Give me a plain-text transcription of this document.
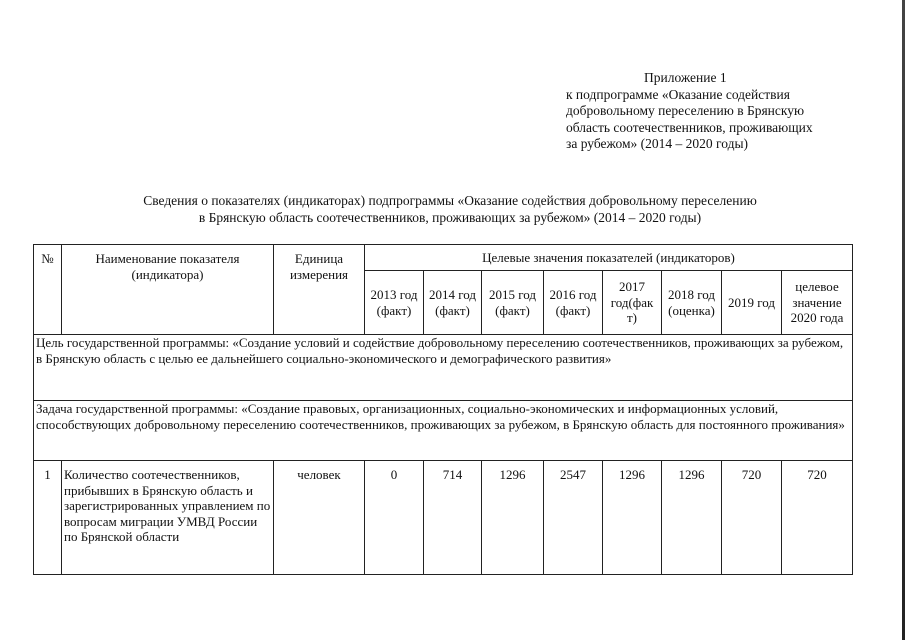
Приложение 1
к подпрограмме «Оказание содействия
добровольному переселению в Брянскую
область соотечественников, проживающих
за рубежом» (2014 – 2020 годы)
Сведения о показателях (индикаторах) подпрограммы «Оказание содействия добровольному переселению
в Брянскую область соотечественников, проживающих за рубежом» (2014 – 2020 годы)
№	Наименование показателя (индикатора)	Единица измерения	Целевые значения показателей (индикаторов)							
			2013 год (факт)	2014 год (факт)	2015 год (факт)	2016 год (факт)	2017 год(фак т)	2018 год (оценка)	2019 год	целевое значение 2020 года
Цель государственной программы: «Создание условий и содействие добровольному переселению соотечественников, проживающих за рубежом, в Брянскую область с целью ее дальнейшего социально-экономического и демографического развития»										
Задача государственной программы: «Создание правовых, организационных, социально-экономических и информационных условий, способствующих добровольному переселению соотечественников, проживающих за рубежом, в Брянскую область для постоянного проживания»										
1	Количество соотечественников, прибывших в Брянскую область и зарегистрированных управлением по вопросам миграции УМВД России по Брянской области	человек	0	714	1296	2547	1296	1296	720	720
